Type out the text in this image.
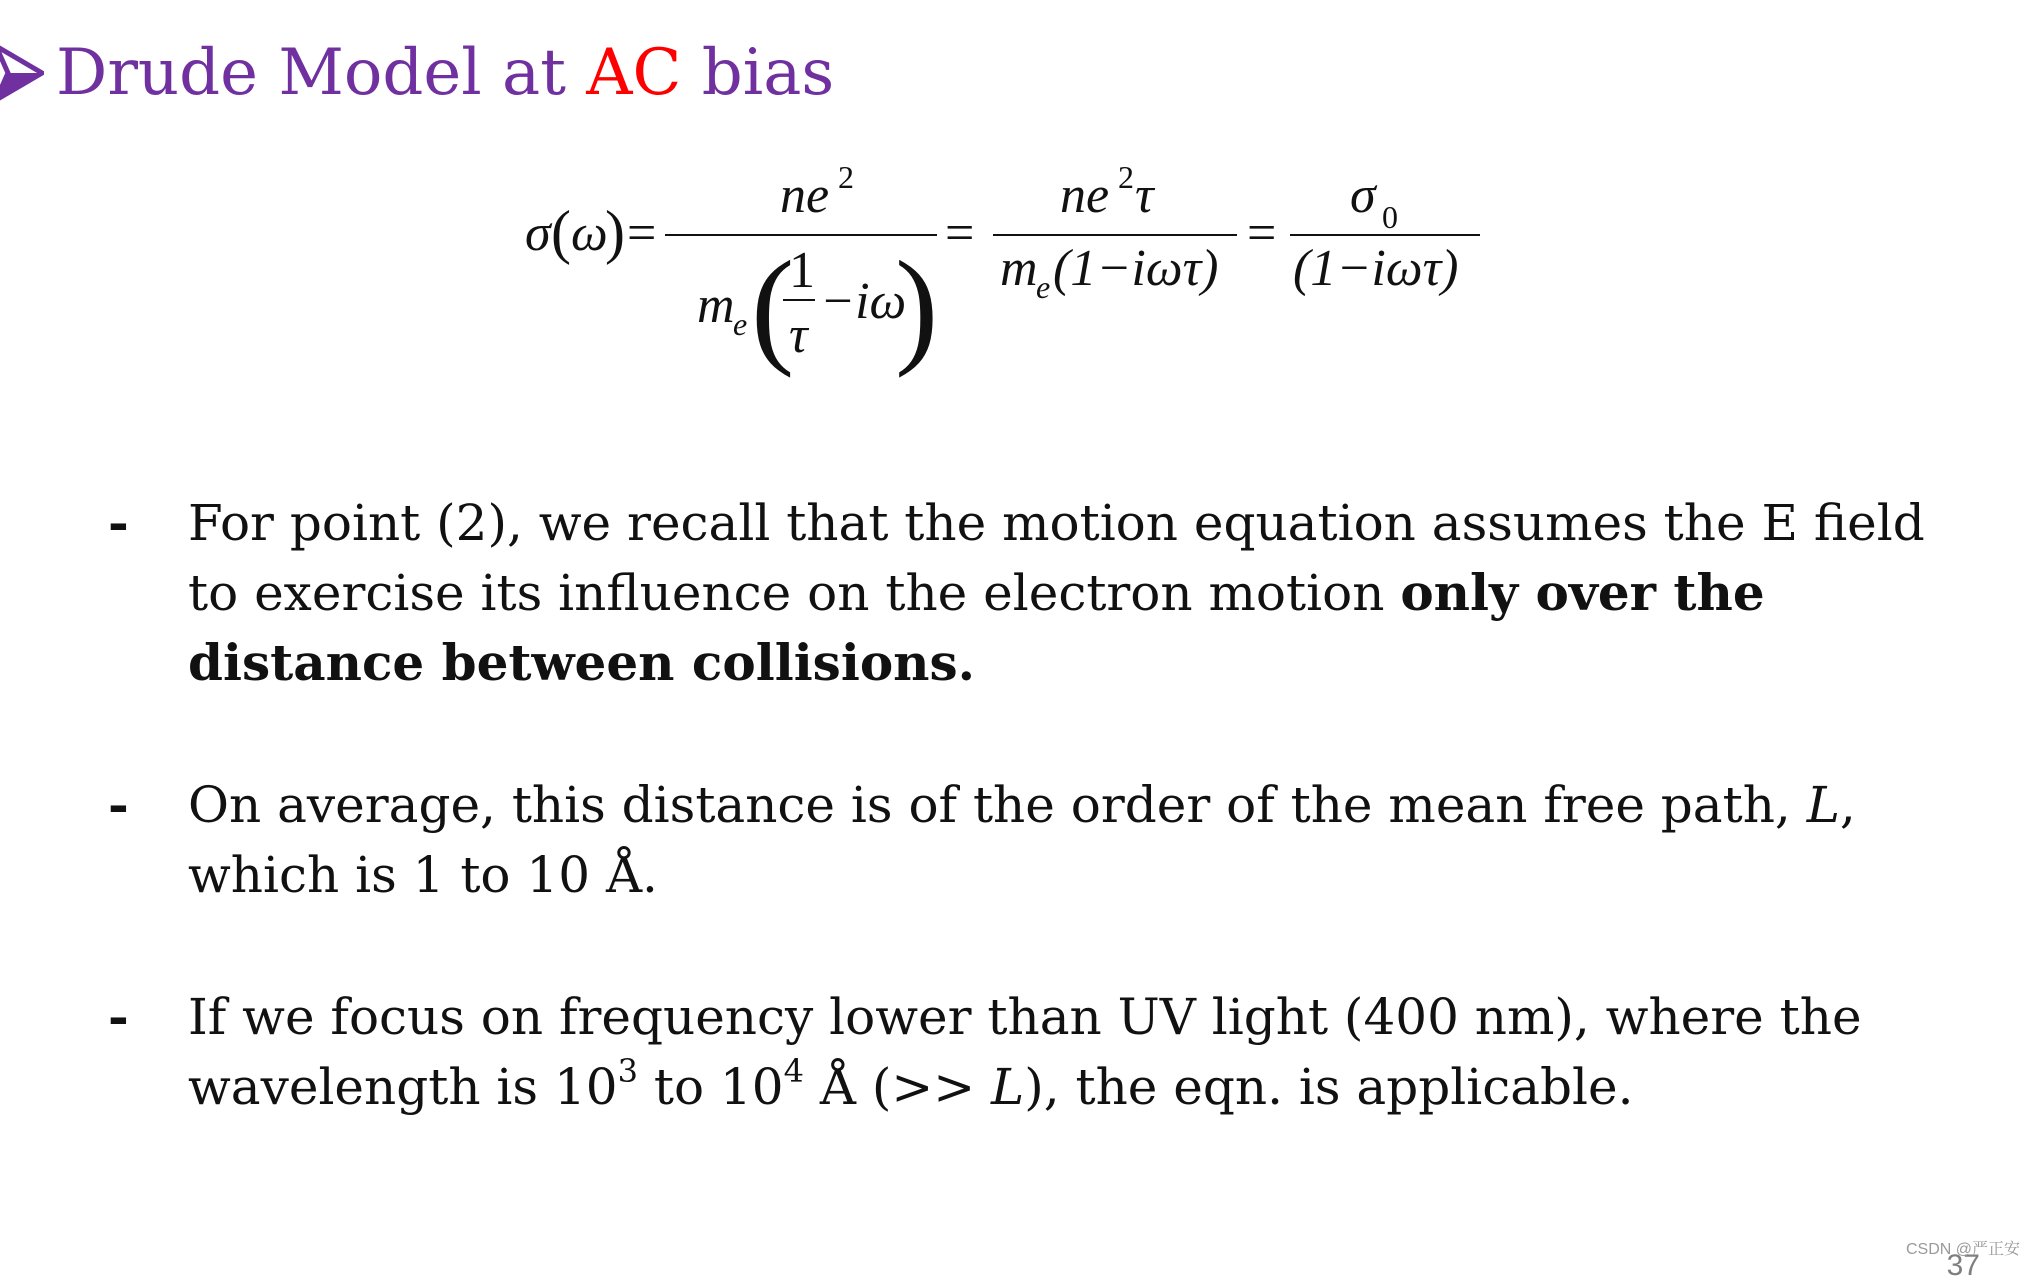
Drude Model at AC bias
σ ( ω
) =
ne 2
m
e (
1
τ
−iω
)
=
ne 2 τ
m
e (1−iωτ)
=
σ 0
(1−iωτ)
- For point (2), we recall that the motion equation assumes the E field to exercise its influence on the electron motion only over the distance between collisions.
- On average, this distance is of the order of the mean free path, L, which is 1 to 10 Å.
- If we focus on frequency lower than UV light (400 nm), where the wavelength is $10^3$ to $10^4$ Å (>> L), the eqn. is applicable.
37
CSDN @严正安
